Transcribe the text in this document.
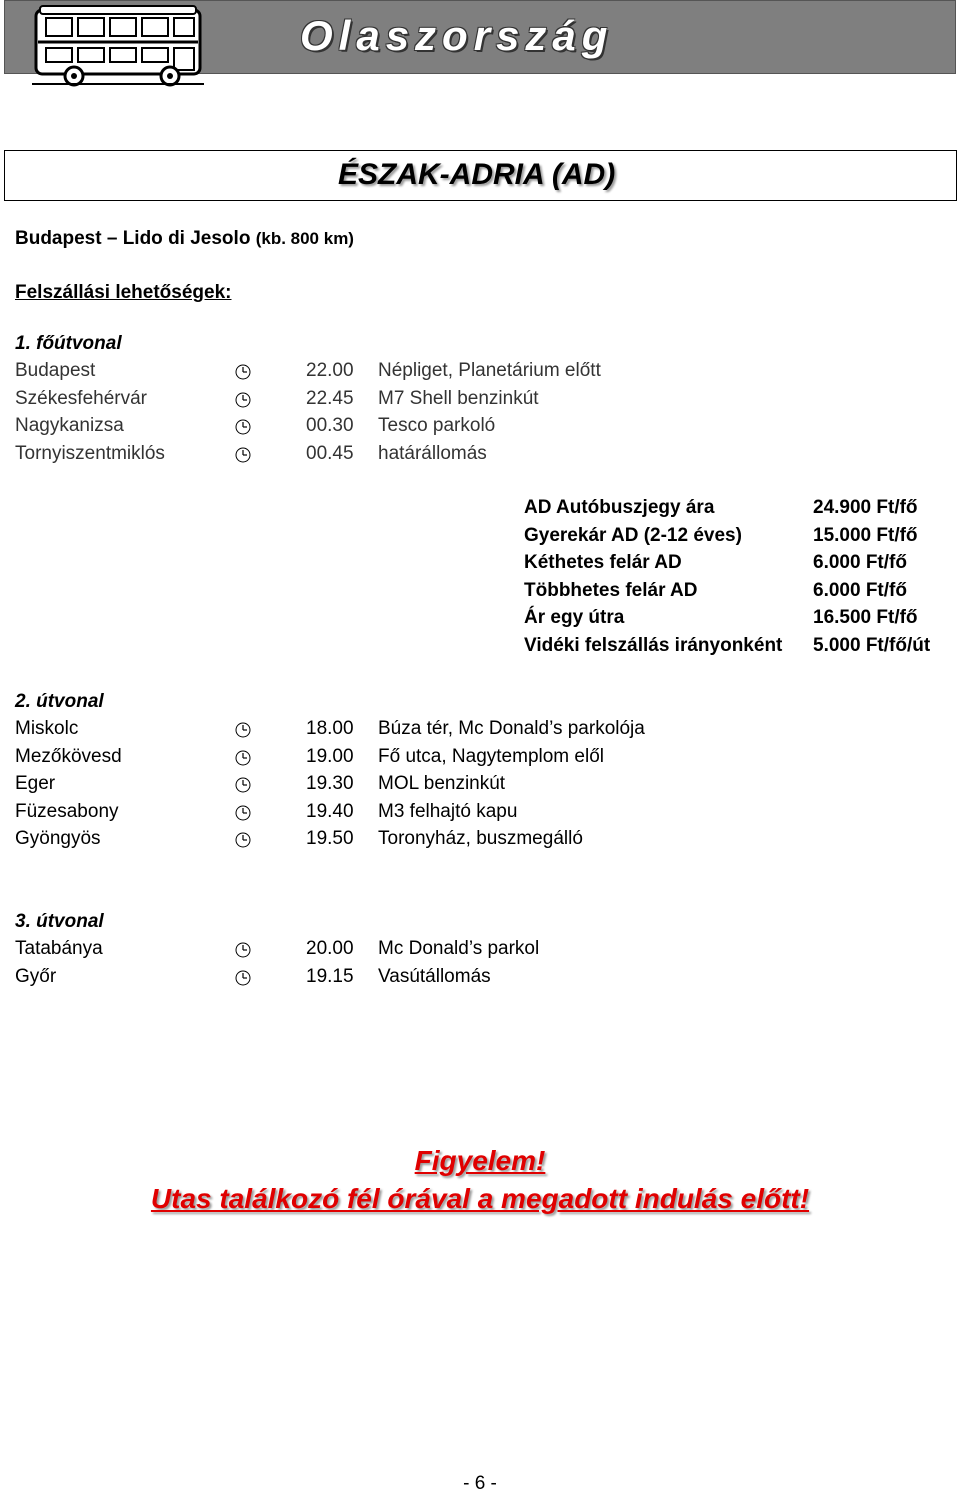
Olaszország
ÉSZAK-ADRIA (AD)
Budapest – Lido di Jesolo (kb. 800 km)
Felszállási lehetőségek:
1. főútvonal
Budapest	22.00 Népliget, Planetárium előtt
Székesfehérvár	22.45 M7 Shell benzinkút
Nagykanizsa	00.30 Tesco parkoló
Tornyiszentmiklós	00.45 határállomás
AD Autóbuszjegy ára	24.900 Ft/fő
Gyerekár AD (2-12 éves)	15.000 Ft/fő
Kéthetes felár AD	6.000 Ft/fő
Többhetes felár AD	6.000 Ft/fő
Ár egy útra	16.500 Ft/fő
Vidéki felszállás irányonként 5.000 Ft/fő/út
2. útvonal
Miskolc	18.00 Búza tér, Mc Donald’s parkolója
Mezőkövesd	19.00 Fő utca, Nagytemplom elől
Eger	19.30 MOL benzinkút
Füzesabony	19.40 M3 felhajtó kapu
Gyöngyös	19.50 Toronyház, buszmegálló
3. útvonal
Tatabánya	20.00 Mc Donald’s parkol
Győr	19.15 Vasútállomás
Figyelem!
Utas találkozó fél órával a megadott indulás előtt!
- 6 -
